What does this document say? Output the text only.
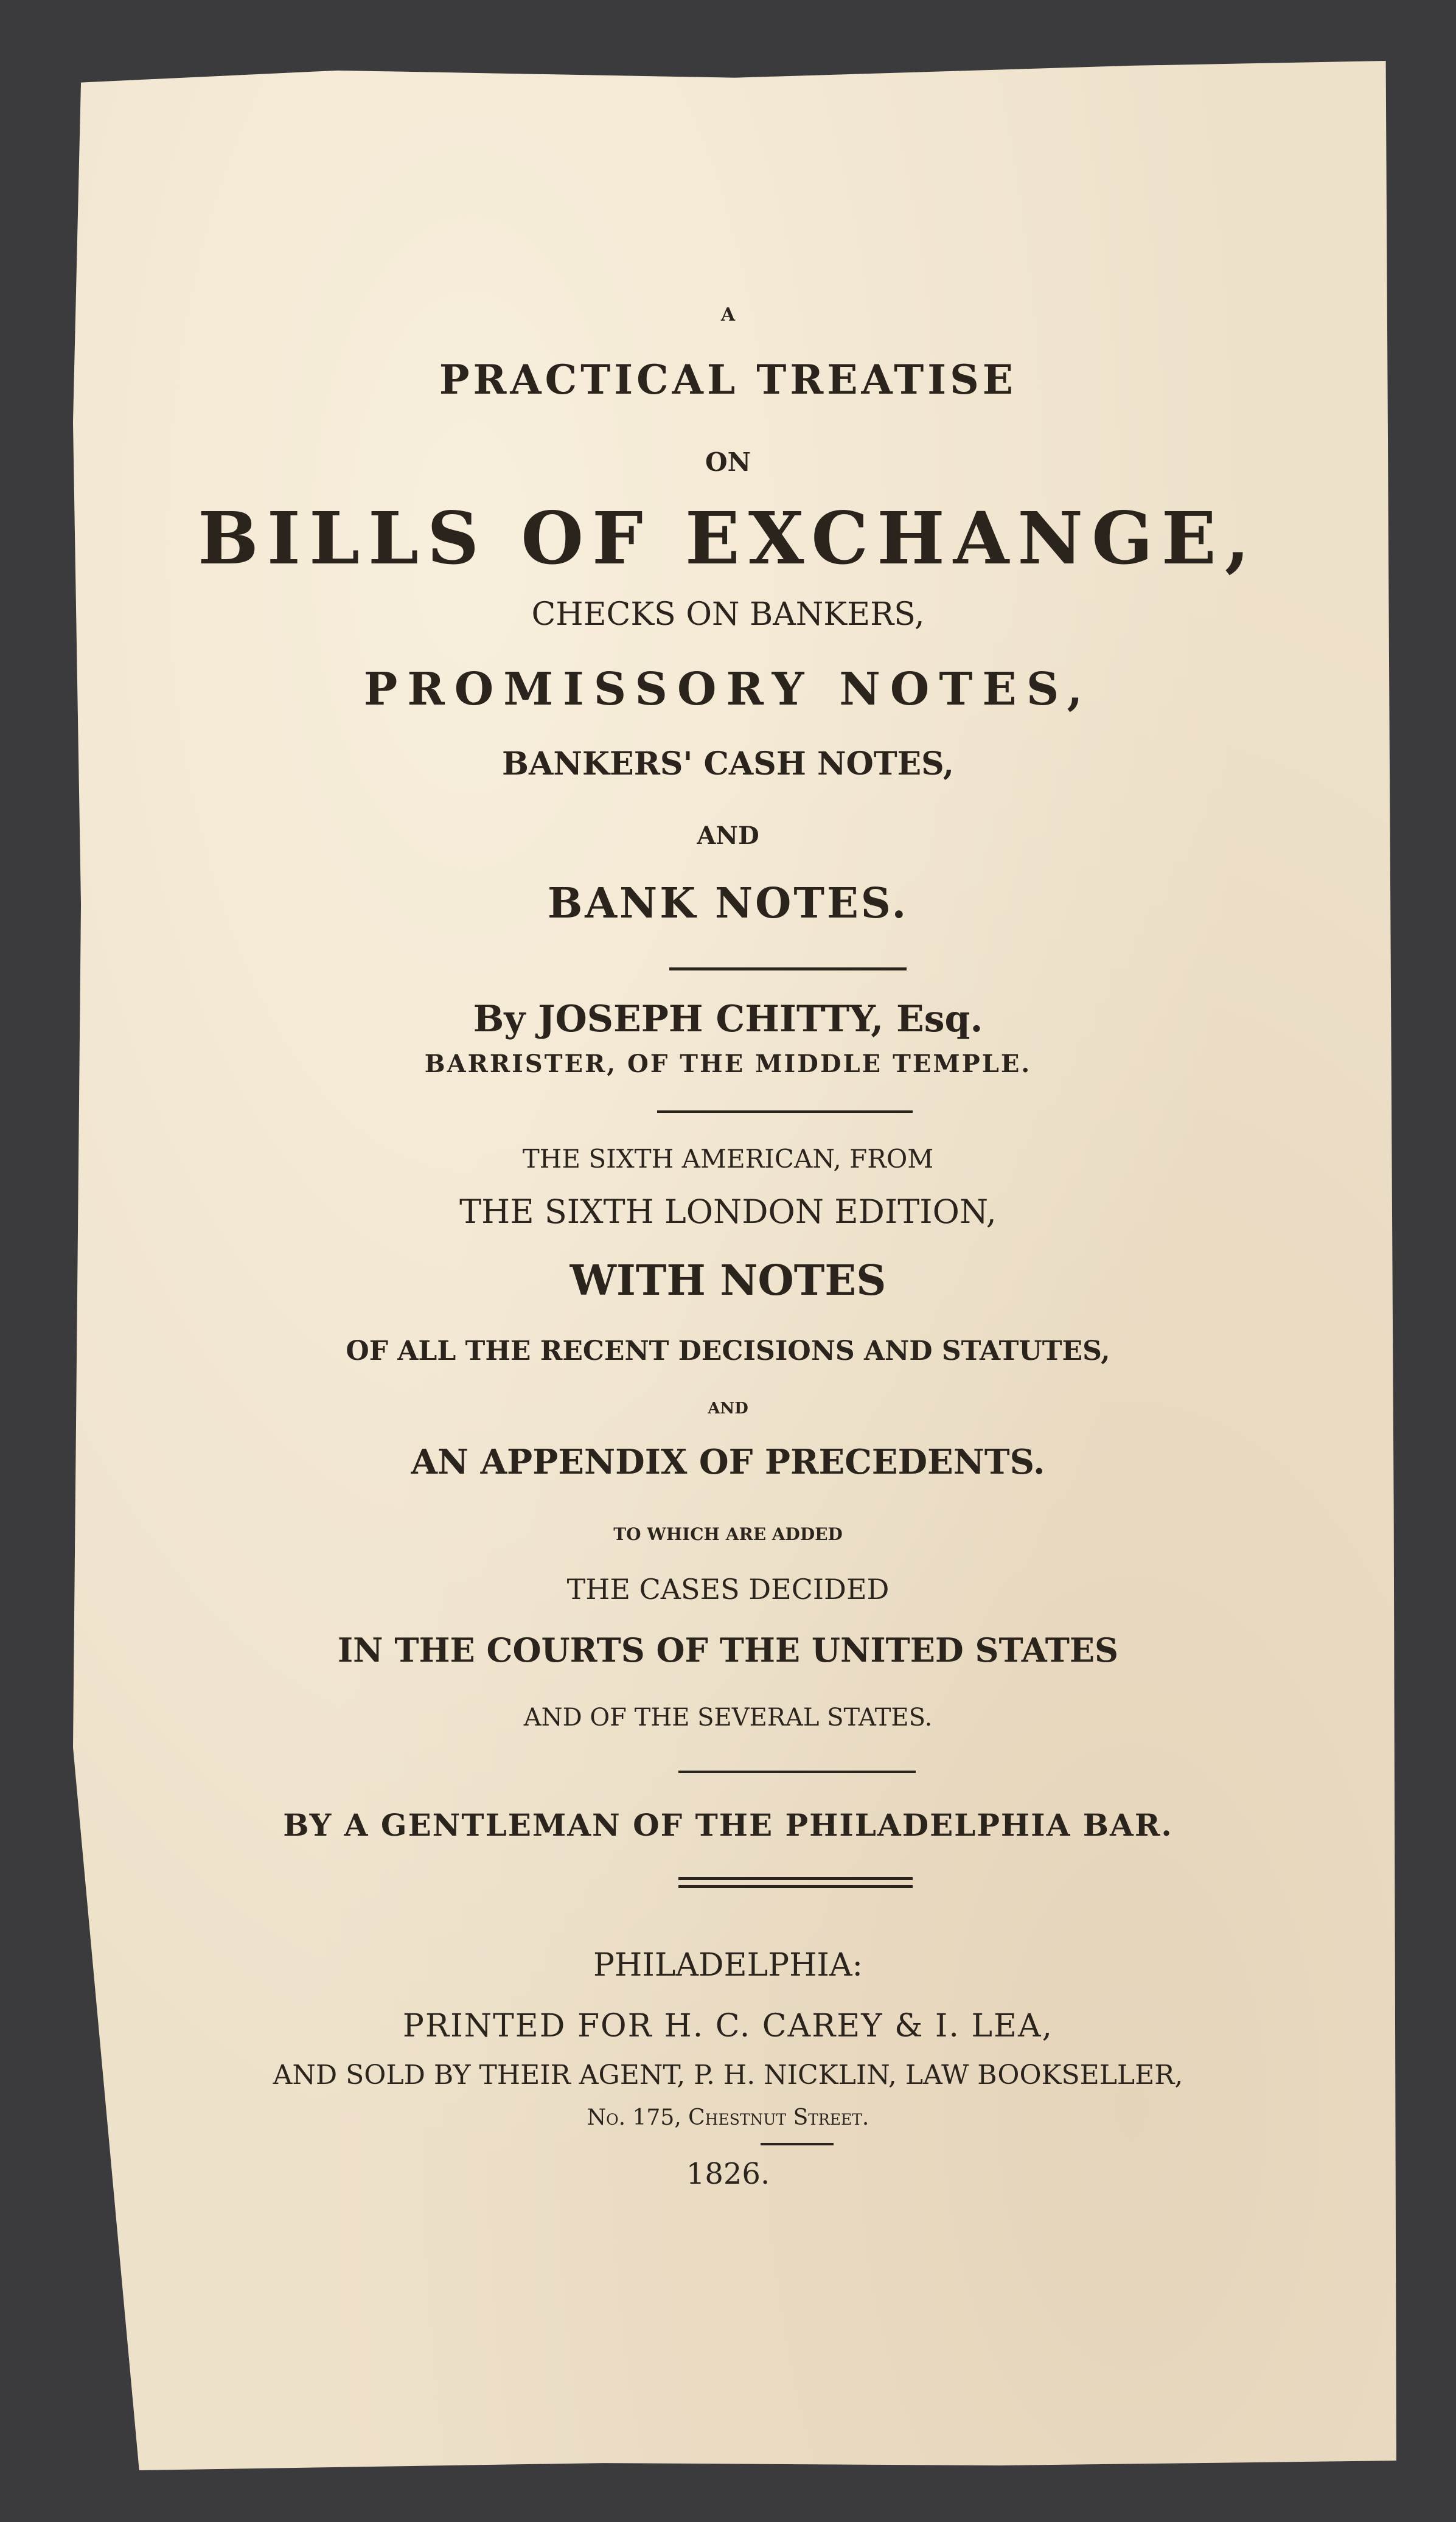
A

PRACTICAL TREATISE

ON

BILLS OF EXCHANGE,

CHECKS ON BANKERS,

PROMISSORY NOTES,

BANKERS' CASH NOTES,

AND

BANK NOTES.

By JOSEPH CHITTY, Esq.

BARRISTER, OF THE MIDDLE TEMPLE.

THE SIXTH AMERICAN, FROM

THE SIXTH LONDON EDITION,

WITH NOTES

OF ALL THE RECENT DECISIONS AND STATUTES,

AND

AN APPENDIX OF PRECEDENTS.

TO WHICH ARE ADDED

THE CASES DECIDED

IN THE COURTS OF THE UNITED STATES

AND OF THE SEVERAL STATES.

BY A GENTLEMAN OF THE PHILADELPHIA BAR.

PHILADELPHIA:

PRINTED FOR H. C. CAREY & I. LEA,

AND SOLD BY THEIR AGENT, P. H. NICKLIN, LAW BOOKSELLER,

No. 175, Chestnut Street.

1826.
